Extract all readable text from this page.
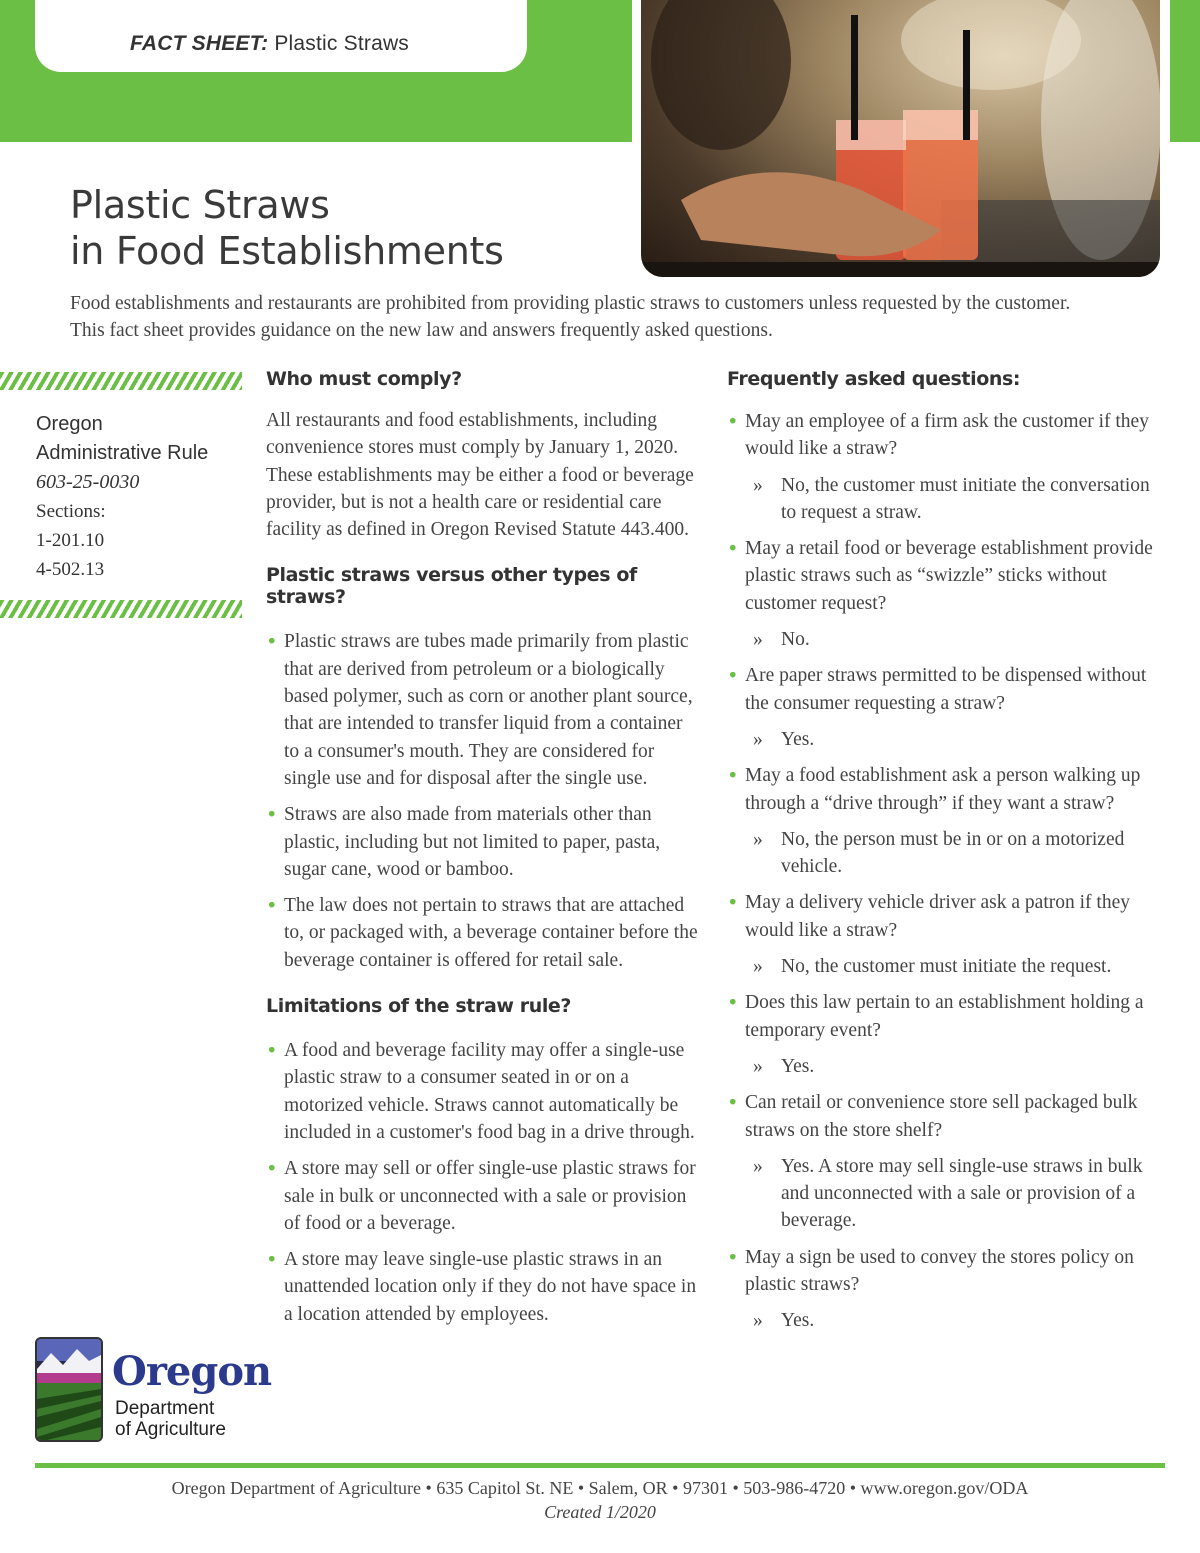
FACT SHEET: Plastic Straws
Plastic Straws
in Food Establishments
Food establishments and restaurants are prohibited from providing plastic straws to customers unless requested by the customer. This fact sheet provides guidance on the new law and answers frequently asked questions.
Oregon
Administrative Rule
603-25-0030
Sections:
1-201.10
4-502.13
Who must comply?
All restaurants and food establishments, including convenience stores must comply by January 1, 2020. These establishments may be either a food or beverage provider, but is not a health care or residential care facility as defined in Oregon Revised Statute 443.400.
Plastic straws versus other types of straws?
• Plastic straws are tubes made primarily from plastic that are derived from petroleum or a biologically based polymer, such as corn or another plant source, that are intended to transfer liquid from a container to a consumer's mouth. They are considered for single use and for disposal after the single use.
• Straws are also made from materials other than plastic, including but not limited to paper, pasta, sugar cane, wood or bamboo.
• The law does not pertain to straws that are attached to, or packaged with, a beverage container before the beverage container is offered for retail sale.
Limitations of the straw rule?
• A food and beverage facility may offer a single-use plastic straw to a consumer seated in or on a motorized vehicle. Straws cannot automatically be included in a customer's food bag in a drive through.
• A store may sell or offer single-use plastic straws for sale in bulk or unconnected with a sale or provision of food or a beverage.
• A store may leave single-use plastic straws in an unattended location only if they do not have space in a location attended by employees.
Frequently asked questions:
• May an employee of a firm ask the customer if they would like a straw?
» No, the customer must initiate the conversation to request a straw.
• May a retail food or beverage establishment provide plastic straws such as “swizzle” sticks without customer request?
» No.
• Are paper straws permitted to be dispensed without the consumer requesting a straw?
» Yes.
• May a food establishment ask a person walking up through a “drive through” if they want a straw?
» No, the person must be in or on a motorized vehicle.
• May a delivery vehicle driver ask a patron if they would like a straw?
» No, the customer must initiate the request.
• Does this law pertain to an establishment holding a temporary event?
» Yes.
• Can retail or convenience store sell packaged bulk straws on the store shelf?
» Yes. A store may sell single-use straws in bulk and unconnected with a sale or provision of a beverage.
• May a sign be used to convey the stores policy on plastic straws?
» Yes.
Oregon
Department
of Agriculture
Oregon Department of Agriculture • 635 Capitol St. NE • Salem, OR • 97301 • 503-986-4720 • www.oregon.gov/ODA
Created 1/2020
